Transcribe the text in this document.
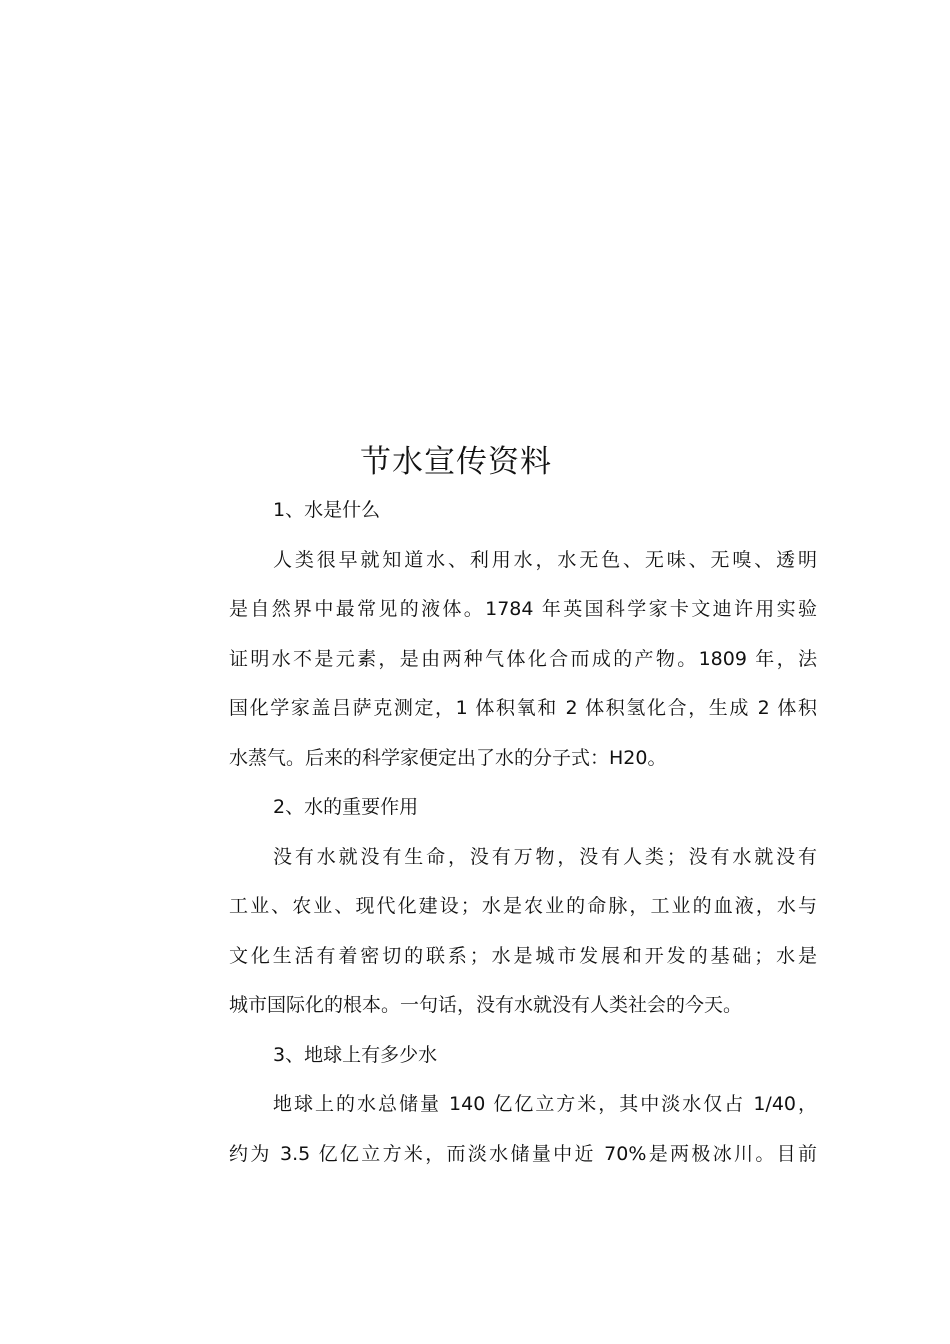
节水宣传资料
1、水是什么

人类很早就知道水、利用水，水无色、无味、无嗅、透明
是自然界中最常见的液体。1784 年英国科学家卡文迪许用实验
证明水不是元素，是由两种气体化合而成的产物。1809 年，法
国化学家盖吕萨克测定，1 体积氧和 2 体积氢化合，生成 2 体积
水蒸气。后来的科学家便定出了水的分子式：H20。

2、水的重要作用

没有水就没有生命，没有万物，没有人类；没有水就没有
工业、农业、现代化建设；水是农业的命脉，工业的血液，水与
文化生活有着密切的联系；水是城市发展和开发的基础；水是
城市国际化的根本。一句话，没有水就没有人类社会的今天。

3、地球上有多少水

地球上的水总储量 140 亿亿立方米，其中淡水仅占 1/40，
约为 3.5 亿亿立方米，而淡水储量中近 70%是两极冰川。目前
